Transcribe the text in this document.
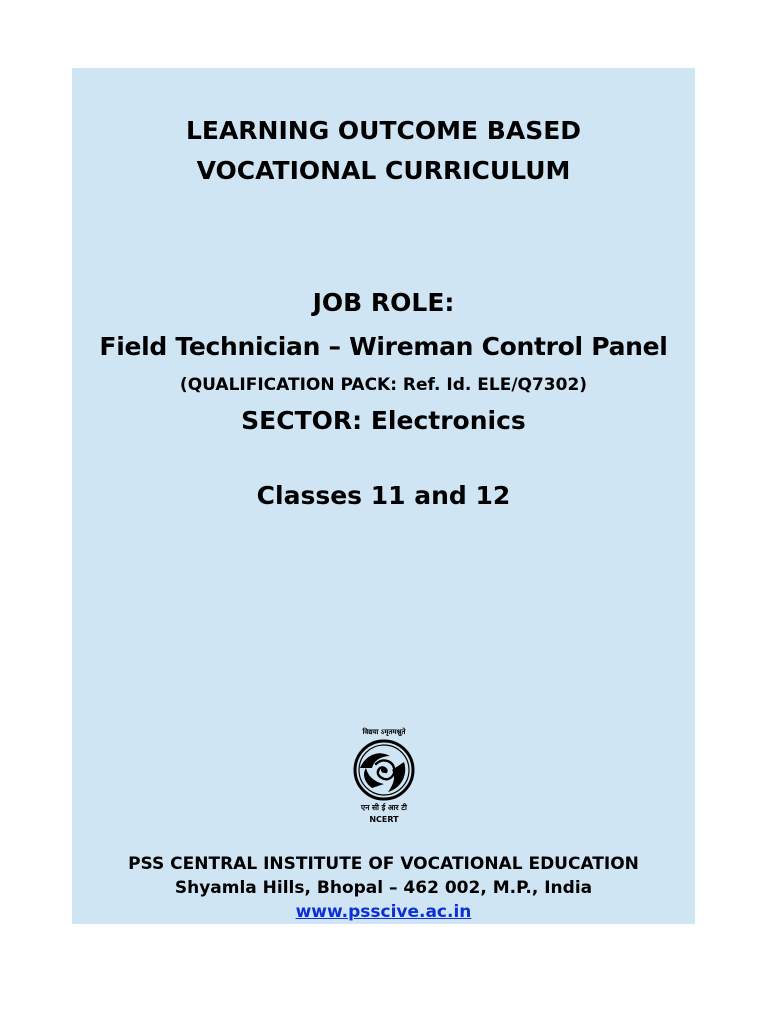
LEARNING OUTCOME BASED
VOCATIONAL CURRICULUM
JOB ROLE:
Field Technician – Wireman Control Panel
(QUALIFICATION PACK: Ref. Id. ELE/Q7302)
SECTOR: Electronics
Classes 11 and 12
विद्यया ऽमृतमश्नुते
एन सी ई आर टी
NCERT
PSS CENTRAL INSTITUTE OF VOCATIONAL EDUCATION
Shyamla Hills, Bhopal – 462 002, M.P., India
www.psscive.ac.in
